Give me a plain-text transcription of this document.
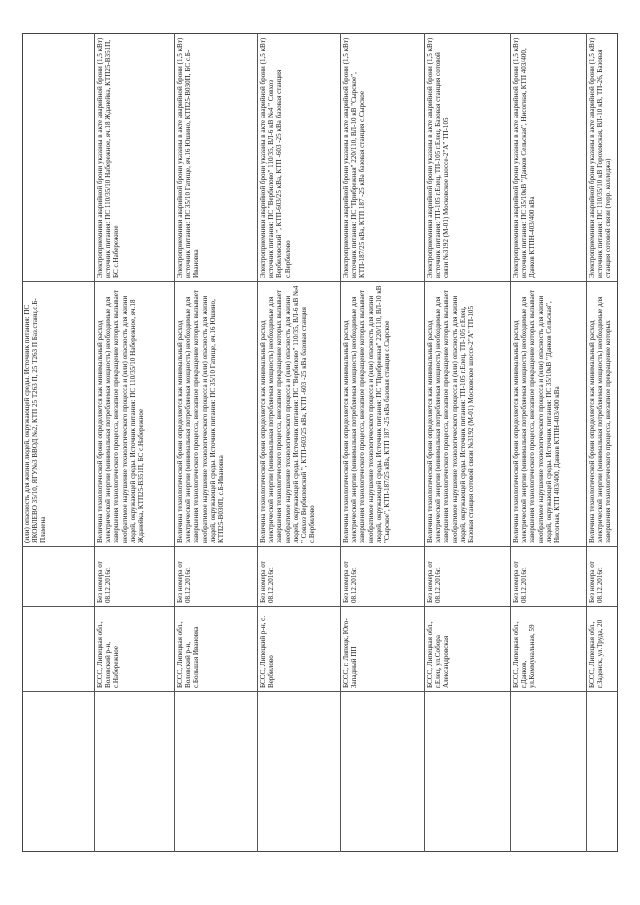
(или) опасность для жизни людей, окружающей среды. Источник питания: ПС ЯКОВЛЕВО 35/10, ЯГУ№3 ВВОД №2, КТП 25 Т263 П, 25 Т263 П Баз.станц.с.Б-Пламена
БССС, Липецкая обл., Воловский р-н, с.Набережное
Без номера от 08.12.2016г.
Величина технологической брони определяется как минимальный расход электрической энергии (минимальная потребляемая мощность) необходимые для завершения технологического процесса, внезапное прекращение которых вызывает необратимое нарушение технологического процесса и (или) опасность для жизни людей, окружающей среды. Источник питания: ПС 110/35/10 Набережное, яч.18 Жданейка, КТП25-В351П, БС с.Набережное
Электроприемники аварийной брони указаны в акте аварийной брони (1,5 кВт) источник питания: ПС 110/35/10 Набережное, яч.18 Жданейка, КТП25-В351П, БС с.Набережное
БССС, Липецкая обл., Воловский р-н, с.Большая Ивановка
Без номера от 08.12.2016г.
Величина технологической брони определяется как минимальный расход электрической энергии (минимальная потребляемая мощность) необходимые для завершения технологического процесса, внезапное прекращение которых вызывает необратимое нарушение технологического процесса и (или) опасность для жизни людей, окружающей среды. Источник питания: ПС 35/10 Гатище, яч.16 Юшино, КТП25-В030П, с.Б-Ивановка
Электроприемники аварийной брони указаны в акте аварийной брони (1,5 кВт) источник питания: ПС 35/10 Гатище, яч.16 Юшино, КТП25-В030П, БС с.Б-Ивановка
БССС, Липецкий р-н, с. Вербилово
Без номера от 08.12.2016г.
Величина технологической брони определяется как минимальный расход электрической энергии (минимальная потребляемая мощность) необходимые для завершения технологического процесса, внезапное прекращение которых вызывает необратимое нарушение технологического процесса и (или) опасность для жизни людей, окружающей среды. Источник питания: ПС "Вербилово" 110/35, ВЛ-6 кВ №4 " Совхоз Вербиловский ", КТП-603/25 кВа, КТП -603 -25 кВа базовая станция с.Вербилово
Электроприемники аварийной брони указаны в акте аварийной брони (1,5 кВт) источник питания: ПС "Вербилово" 110/35, ВЛ-6 кВ №4 " Совхоз Вербиловский ", КТП-603/25 кВа, КТП -603 -25 кВа базовая станция с.Вербилово
БССС, г. Липецк, Юго-Западный ПП
Без номера от 08.12.2016г.
Величина технологической брони определяется как минимальный расход электрической энергии (минимальная потребляемая мощность) необходимые для завершения технологического процесса, внезапное прекращение которых вызывает необратимое нарушение технологического процесса и (или) опасность для жизни людей, окружающей среды. Источник питания: ПС "Прибрежная" 220/110, ВЛ-10 кВ "Сырское", КТП-187/25 кВа, КТП 187 -25 кВа базовая станция с.Сырское
Электроприемники аварийной брони указаны в акте аварийной брони (1,5 кВт) источник питания: ПС "Прибрежная" 220/110, ВЛ-10 кВ "Сырское", КТП-187/25 кВа, КТП 187 -25 кВа базовая станция с.Сырское
БССС, Липецкая обл., г.Елец, ул.Собора Александровская
Без номера от 08.12.2016г.
Величина технологической брони определяется как минимальный расход электрической энергии (минимальная потребляемая мощность) необходимые для завершения технологического процесса, внезапное прекращение которых вызывает необратимое нарушение технологического процесса и (или) опасность для жизни людей, окружающей среды. Источник питания: ТП-105 г.Елец, ТП-105 г.Елец, Базовая станция сотовой связи №3192 (М-01) Московское шоссе-2"А" ТП-105
Электроприемники аварийной брони указаны в акте аварийной брони (1,5 кВт) источник питания: ТП-105 г.Елец, ТП-105 г.Елец, Базовая станция сотовой связи №3192 (М-01) Московское шоссе-2"А" ТП-105
БССС, Липецкая обл., г.Данков, ул.Коммунальная, 59
Без номера от 08.12.2016г.
Величина технологической брони определяется как минимальный расход электрической энергии (минимальная потребляемая мощность) необходимые для завершения технологического процесса, внезапное прекращение которых вызывает необратимое нарушение технологического процесса и (или) опасность для жизни людей, окружающей среды. Источник питания: ПС 35/10кВ "Данков Сельская", Нисогная, КТП 403/400, Данков КТПН-403/400 кВа
Электроприемники аварийной брони указаны в акте аварийной брони (1,5 кВт) источник питания: ПС 35/10кВ "Данков Сельская", Нисогная, КТП 403/400, Данков КТПН-403/400 кВа
БССС, Липецкая обл., г.Задонск, ул.Труда, 20
Без номера от 08.12.2016г.
Величина технологической брони определяется как минимальный расход электрической энергии (минимальная потребляемая мощность) необходимые для завершения технологического процесса, внезапное прекращение которых
Электроприемники аварийной брони указаны в акте аварийной брони (1,5 кВт) источник питания: ПС 110/35/10 кВ Гороховская, ВЛ-10 кВ, ТП-26, Базовая станция сотовой связи (терр. колледжа)
